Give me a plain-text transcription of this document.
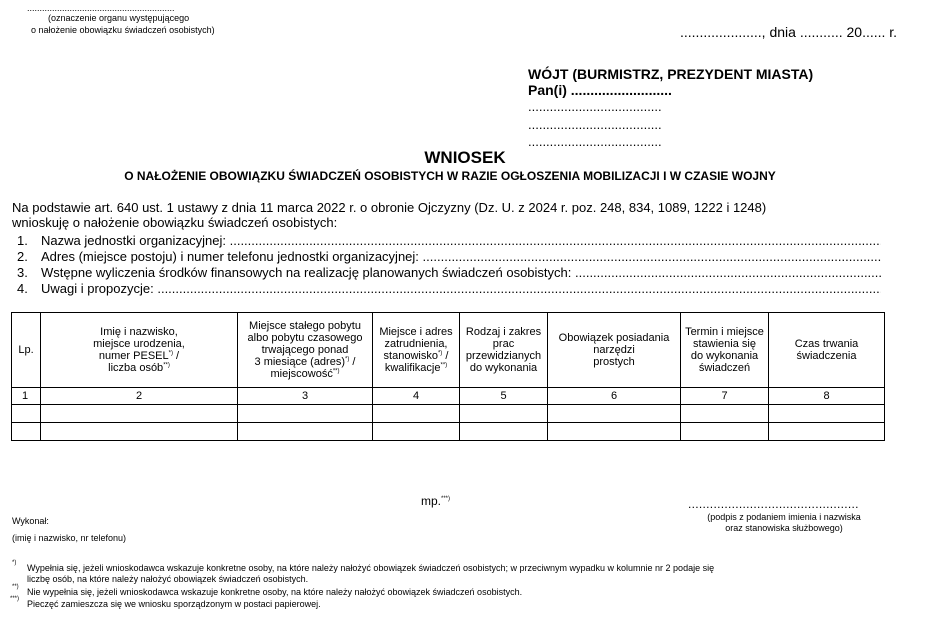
...........................................................
(oznaczenie organu występującego
o nałożenie obowiązku świadczeń osobistych)	....................., dnia ........... 20...... r.
WÓJT (BURMISTRZ, PREZYDENT MIASTA)
Pan(i) ..........................
.....................................
.....................................
.....................................
WNIOSEK
O NAŁOŻENIE OBOWIĄZKU ŚWIADCZEŃ OSOBISTYCH W RAZIE OGŁOSZENIA MOBILIZACJI I W CZASIE WOJNY
Na podstawie art. 640 ust. 1 ustawy z dnia 11 marca 2022 r. o obronie Ojczyzny (Dz. U. z 2024 r. poz. 248, 834, 1089, 1222 i 1248)
wnioskuję o nałożenie obowiązku świadczeń osobistych:
1.	Nazwa jednostki organizacyjnej:

.....
2.	Adres (miejsce postoju) i numer telefonu jednostki organizacyjnej:

.....
3.	Wstępne wyliczenia środków finansowych na realizację planowanych świadczeń osobistych:

.....
4.	Uwagi i propozycje:

.....
Lp.	Imię i nazwisko,
miejsce urodzenia,
numer PESEL*) /
liczba osób**)	Miejsce stałego pobytu
albo pobytu czasowego
trwającego ponad
3 miesiące (adres)*) /
miejscowość**)	Miejsce i adres
zatrudnienia,
stanowisko*) /
kwalifikacje**)	Rodzaj i zakres
prac
przewidzianych
do wykonania	Obowiązek posiadania
narzędzi
prostych	Termin i miejsce
stawienia się
do wykonania
świadczeń	Czas trwania
świadczenia
1	2	3	4	5	6	7	8

mp.***)	...............................................
(podpis z podaniem imienia i nazwiska
oraz stanowiska służbowego)
Wykonał:
(imię i nazwisko, nr telefonu)
*) Wypełnia się, jeżeli wnioskodawca wskazuje konkretne osoby, na które należy nałożyć obowiązek świadczeń osobistych; w przeciwnym wypadku w kolumnie nr 2 podaje się
liczbę osób, na które należy nałożyć obowiązek świadczeń osobistych.
**) Nie wypełnia się, jeżeli wnioskodawca wskazuje konkretne osoby, na które należy nałożyć obowiązek świadczeń osobistych.
***) Pieczęć zamieszcza się we wniosku sporządzonym w postaci papierowej.
